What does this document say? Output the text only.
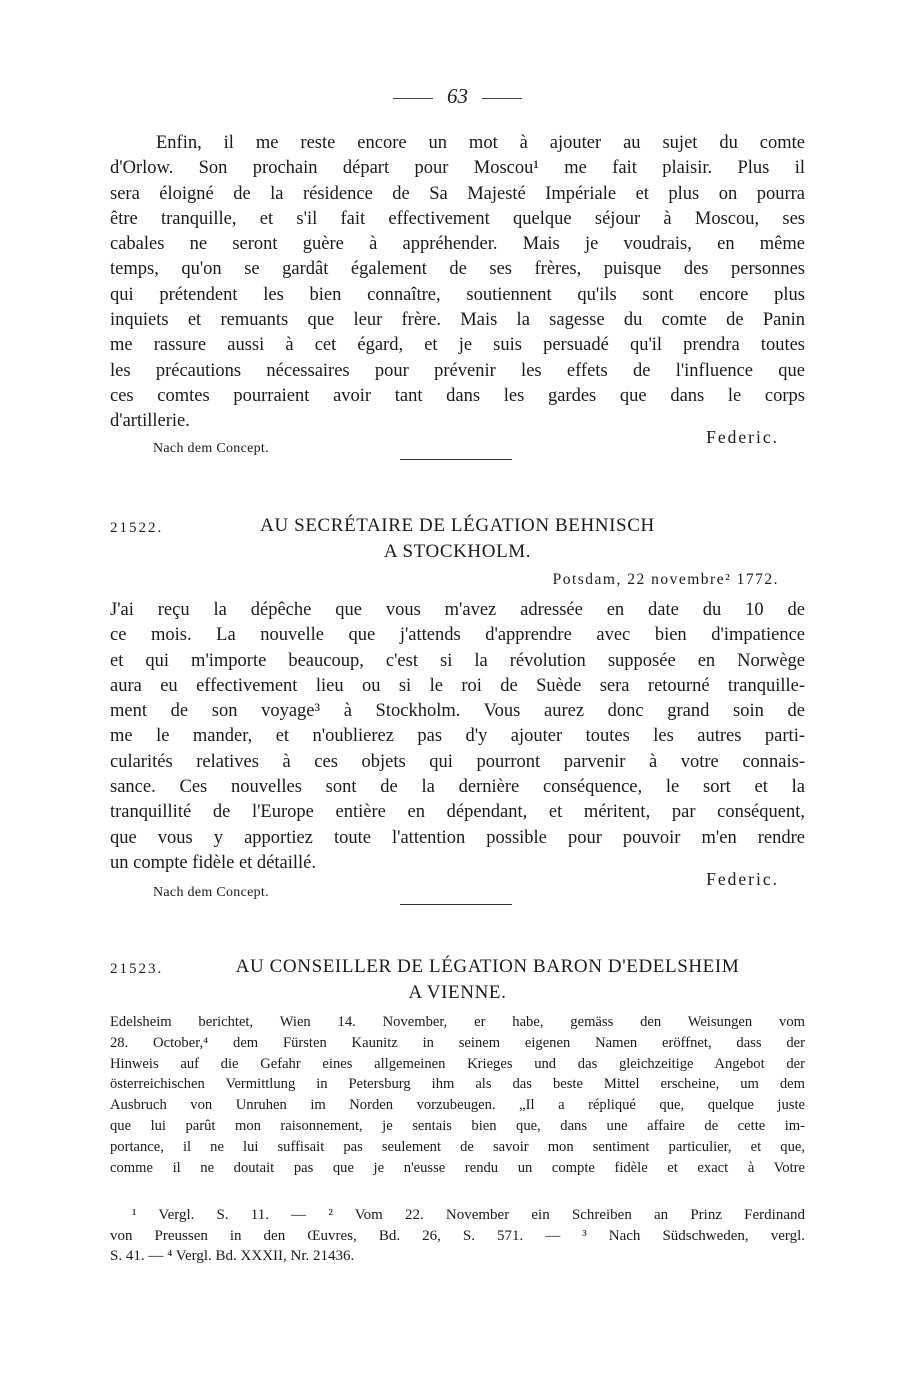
63
Enfin, il me reste encore un mot à ajouter au sujet du comte
d'Orlow. Son prochain départ pour Moscou¹ me fait plaisir. Plus il
sera éloigné de la résidence de Sa Majesté Impériale et plus on pourra
être tranquille, et s'il fait effectivement quelque séjour à Moscou, ses
cabales ne seront guère à appréhender. Mais je voudrais, en même
temps, qu'on se gardât également de ses frères, puisque des personnes
qui prétendent les bien connaître, soutiennent qu'ils sont encore plus
inquiets et remuants que leur frère. Mais la sagesse du comte de Panin
me rassure aussi à cet égard, et je suis persuadé qu'il prendra toutes
les précautions nécessaires pour prévenir les effets de l'influence que
ces comtes pourraient avoir tant dans les gardes que dans le corps
d'artillerie.
Federic.
Nach dem Concept.
21522.	AU SECRÉTAIRE DE LÉGATION BEHNISCH
A STOCKHOLM.
Potsdam, 22 novembre² 1772.
J'ai reçu la dépêche que vous m'avez adressée en date du 10 de
ce mois. La nouvelle que j'attends d'apprendre avec bien d'impatience
et qui m'importe beaucoup, c'est si la révolution supposée en Norwège
aura eu effectivement lieu ou si le roi de Suède sera retourné tranquille-
ment de son voyage³ à Stockholm. Vous aurez donc grand soin de
me le mander, et n'oublierez pas d'y ajouter toutes les autres parti-
cularités relatives à ces objets qui pourront parvenir à votre connais-
sance. Ces nouvelles sont de la dernière conséquence, le sort et la
tranquillité de l'Europe entière en dépendant, et méritent, par conséquent,
que vous y apportiez toute l'attention possible pour pouvoir m'en rendre
un compte fidèle et détaillé.
Federic.
Nach dem Concept.
21523.	AU CONSEILLER DE LÉGATION BARON D'EDELSHEIM
A VIENNE.
Edelsheim berichtet, Wien 14. November, er habe, gemäss den Weisungen vom
28. October,⁴ dem Fürsten Kaunitz in seinem eigenen Namen eröffnet, dass der
Hinweis auf die Gefahr eines allgemeinen Krieges und das gleichzeitige Angebot der
österreichischen Vermittlung in Petersburg ihm als das beste Mittel erscheine, um dem
Ausbruch von Unruhen im Norden vorzubeugen. „Il a répliqué que, quelque juste
que lui parût mon raisonnement, je sentais bien que, dans une affaire de cette im-
portance, il ne lui suffisait pas seulement de savoir mon sentiment particulier, et que,
comme il ne doutait pas que je n'eusse rendu un compte fidèle et exact à Votre
¹ Vergl. S. 11. — ² Vom 22. November ein Schreiben an Prinz Ferdinand
von Preussen in den Œuvres, Bd. 26, S. 571. — ³ Nach Südschweden, vergl.
S. 41. — ⁴ Vergl. Bd. XXXII, Nr. 21436.
